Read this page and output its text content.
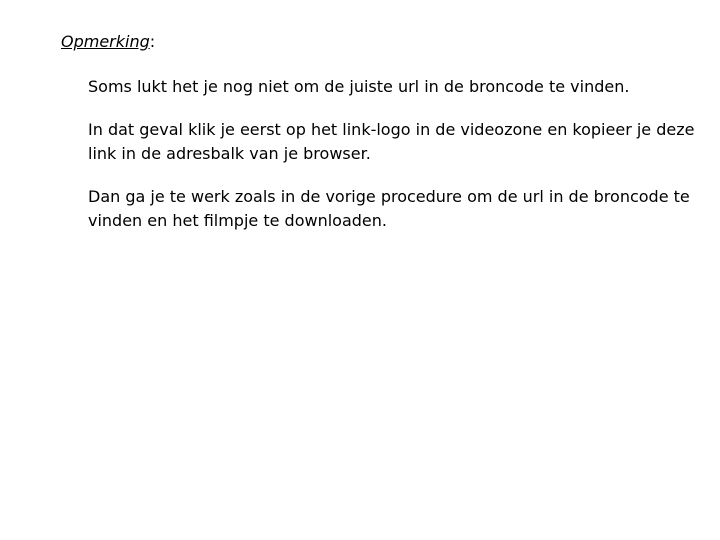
Opmerking:

Soms lukt het je nog niet om de juiste url in de broncode te vinden.

In dat geval klik je eerst op het link-logo in de videozone en kopieer je deze link in de adresbalk van je browser.

Dan ga je te werk zoals in de vorige procedure om de url in de broncode te vinden en het filmpje te downloaden.
